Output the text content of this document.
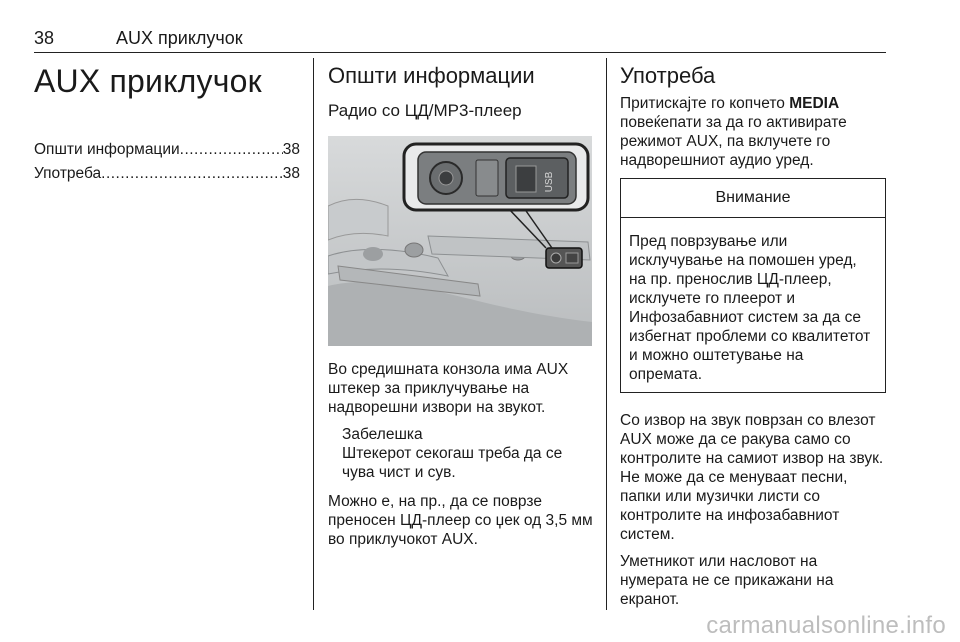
38	AUX приклучок
AUX приклучок
Општи информации .....	38
Употреба .....	38
Општи информации
Радио со ЦД/MP3-плеер
USB

Во средишната конзола има AUX штекер за приклучување на надворешни извори на звукот.

Забелешка

Штекерот секогаш треба да се чува чист и сув.

Можно е, на пр., да се поврзе преносен ЦД-плеер со џек од 3,5 мм во приклучокот AUX.

Употреба

Притискајте го копчето MEDIA повеќепати за да го активирате режимот AUX, па вклучете го надворешниот аудио уред.

Внимание
Пред поврзување или исклучување на помошен уред, на пр. пренослив ЦД-плеер, исклучете го плеерот и Инфозабавниот систем за да се избегнат проблеми со квалитетот и можно оштетување на опремата.

Со извор на звук поврзан со влезот AUX може да се ракува само со контролите на самиот извор на звук. Не може да се менуваат песни, папки или музички листи со контролите на инфозабавниот систем.

Уметникот или насловот на нумерата не се прикажани на екранот.

carmanualsonline.info
